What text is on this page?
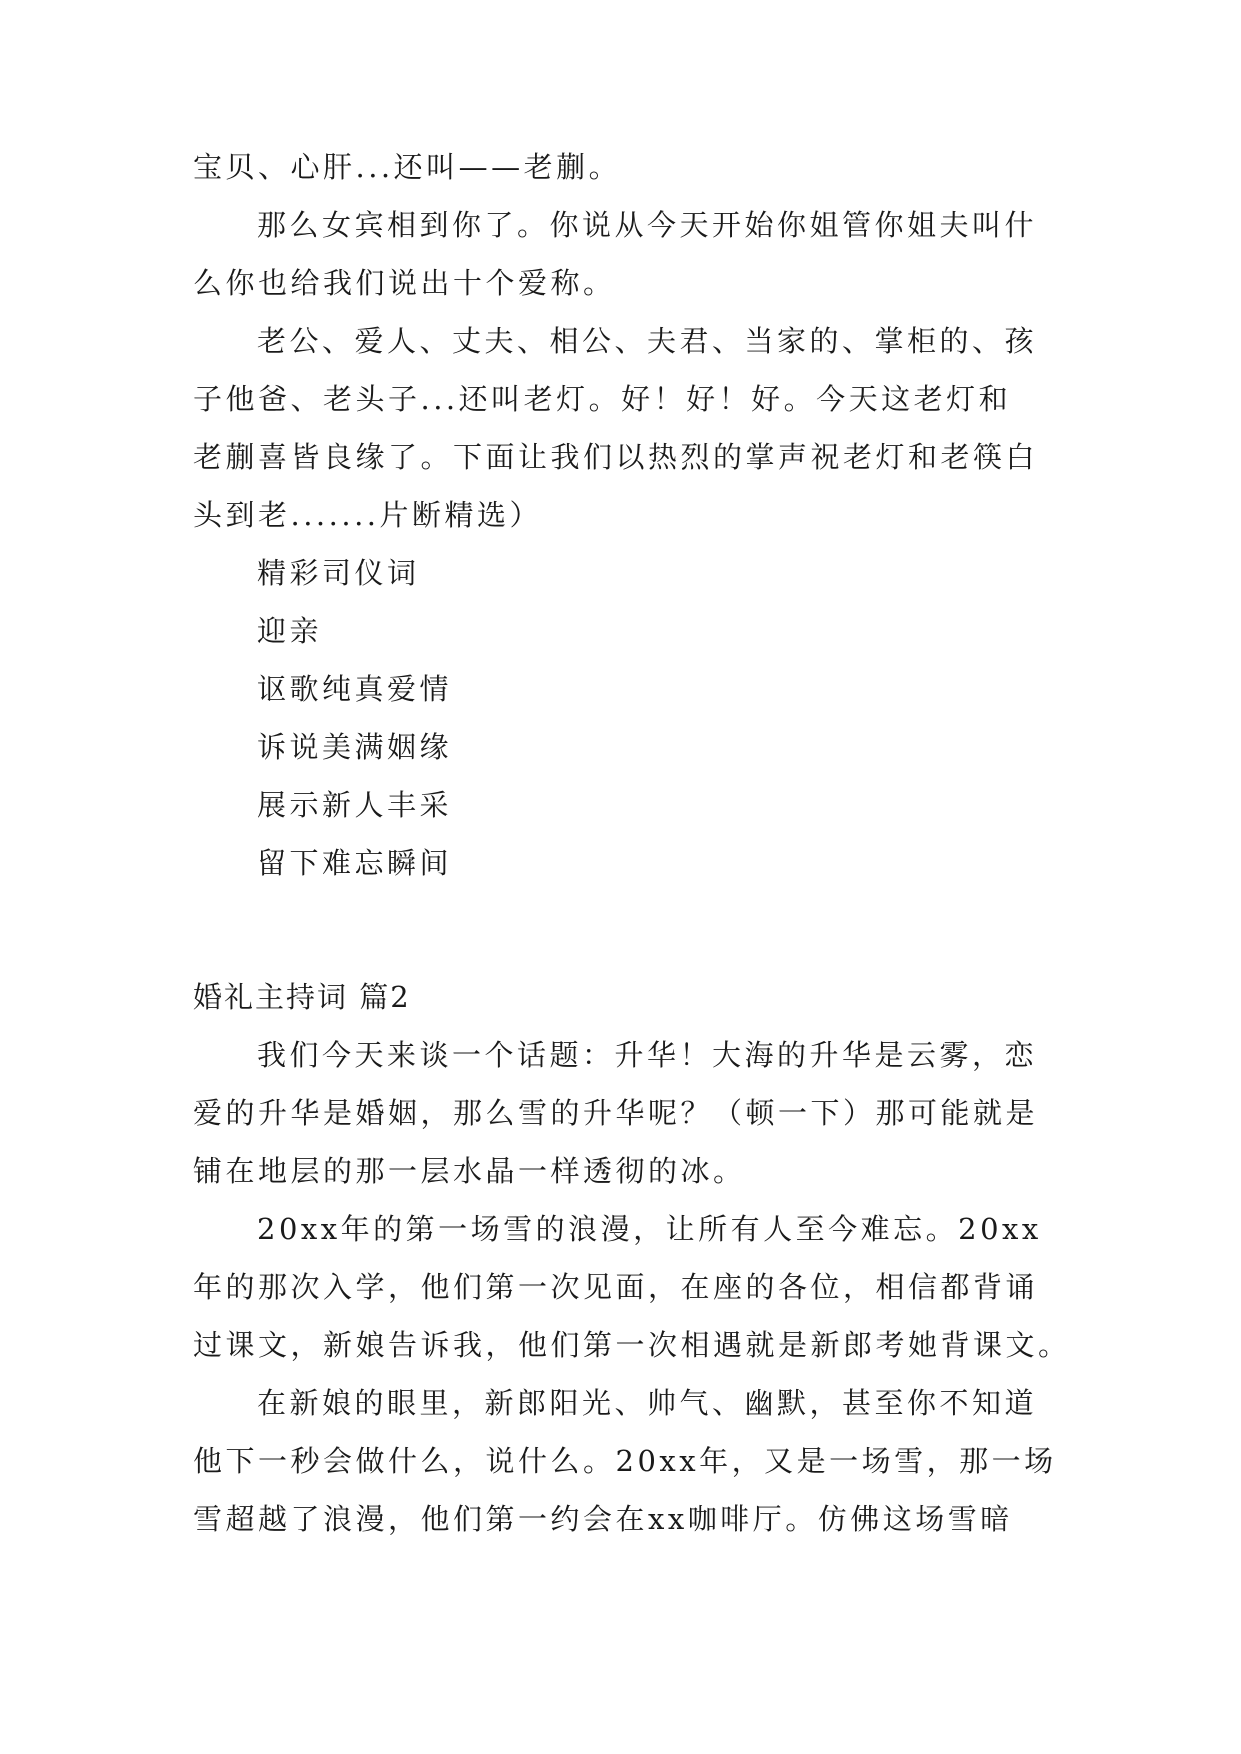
宝贝、心肝...还叫——老蒯。

那么女宾相到你了。你说从今天开始你姐管你姐夫叫什

么你也给我们说出十个爱称。

老公、爱人、丈夫、相公、夫君、当家的、掌柜的、孩

子他爸、老头子...还叫老灯。好！好！好。今天这老灯和

老蒯喜皆良缘了。下面让我们以热烈的掌声祝老灯和老筷白

头到老.......片断精选）

精彩司仪词

迎亲

讴歌纯真爱情

诉说美满姻缘

展示新人丰采

留下难忘瞬间

婚礼主持词 篇2

我们今天来谈一个话题：升华！大海的升华是云雾，恋

爱的升华是婚姻，那么雪的升华呢？（顿一下）那可能就是

铺在地层的那一层水晶一样透彻的冰。

20xx年的第一场雪的浪漫，让所有人至今难忘。20xx

年的那次入学，他们第一次见面，在座的各位，相信都背诵

过课文，新娘告诉我，他们第一次相遇就是新郎考她背课文。

在新娘的眼里，新郎阳光、帅气、幽默，甚至你不知道

他下一秒会做什么，说什么。20xx年，又是一场雪，那一场

雪超越了浪漫，他们第一约会在xx咖啡厅。仿佛这场雪暗
